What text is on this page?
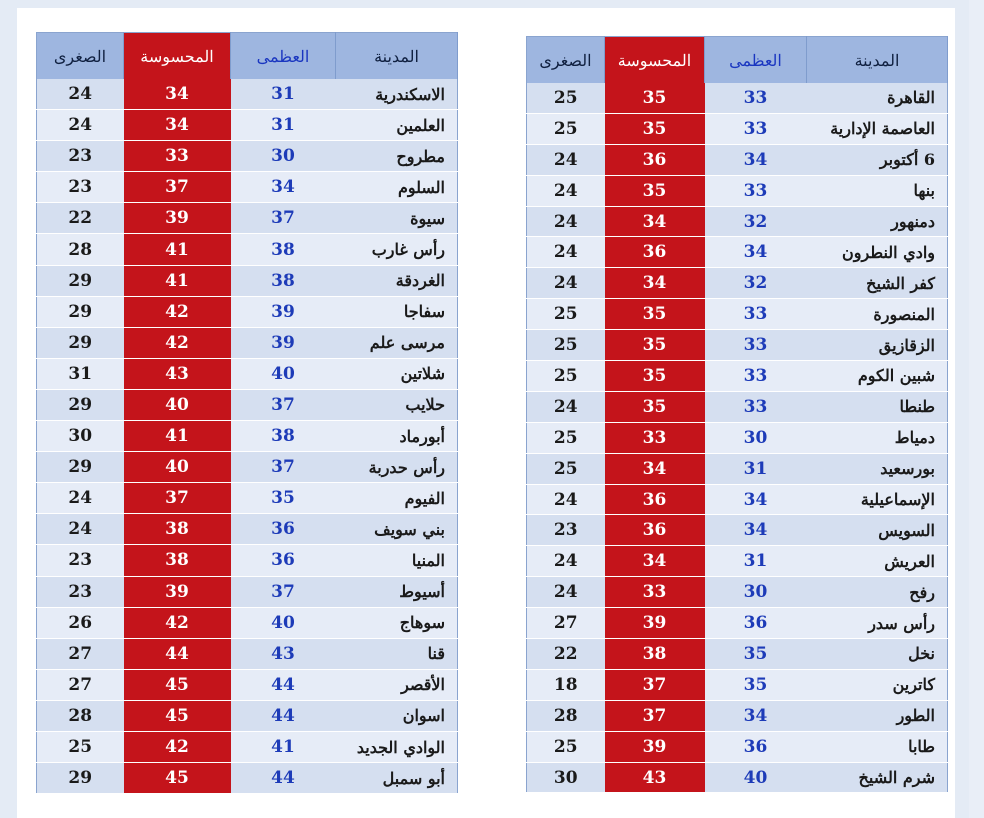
الصغرى	المحسوسة	العظمى	المدينة
24	34	31	الاسكندرية
24	34	31	العلمين
23	33	30	مطروح
23	37	34	السلوم
22	39	37	سيوة
28	41	38	رأس غارب
29	41	38	الغردقة
29	42	39	سفاجا
29	42	39	مرسى علم
31	43	40	شلاتين
29	40	37	حلايب
30	41	38	أبورماد
29	40	37	رأس حدربة
24	37	35	الفيوم
24	38	36	بني سويف
23	38	36	المنيا
23	39	37	أسيوط
26	42	40	سوهاج
27	44	43	قنا
27	45	44	الأقصر
28	45	44	اسوان
25	42	41	الوادي الجديد
29	45	44	أبو سمبل
الصغرى	المحسوسة	العظمى	المدينة
25	35	33	القاهرة
25	35	33	العاصمة الإدارية
24	36	34	6 أكتوبر
24	35	33	بنها
24	34	32	دمنهور
24	36	34	وادي النطرون
24	34	32	كفر الشيخ
25	35	33	المنصورة
25	35	33	الزقازيق
25	35	33	شبين الكوم
24	35	33	طنطا
25	33	30	دمياط
25	34	31	بورسعيد
24	36	34	الإسماعيلية
23	36	34	السويس
24	34	31	العريش
24	33	30	رفح
27	39	36	رأس سدر
22	38	35	نخل
18	37	35	كاترين
28	37	34	الطور
25	39	36	طابا
30	43	40	شرم الشيخ
